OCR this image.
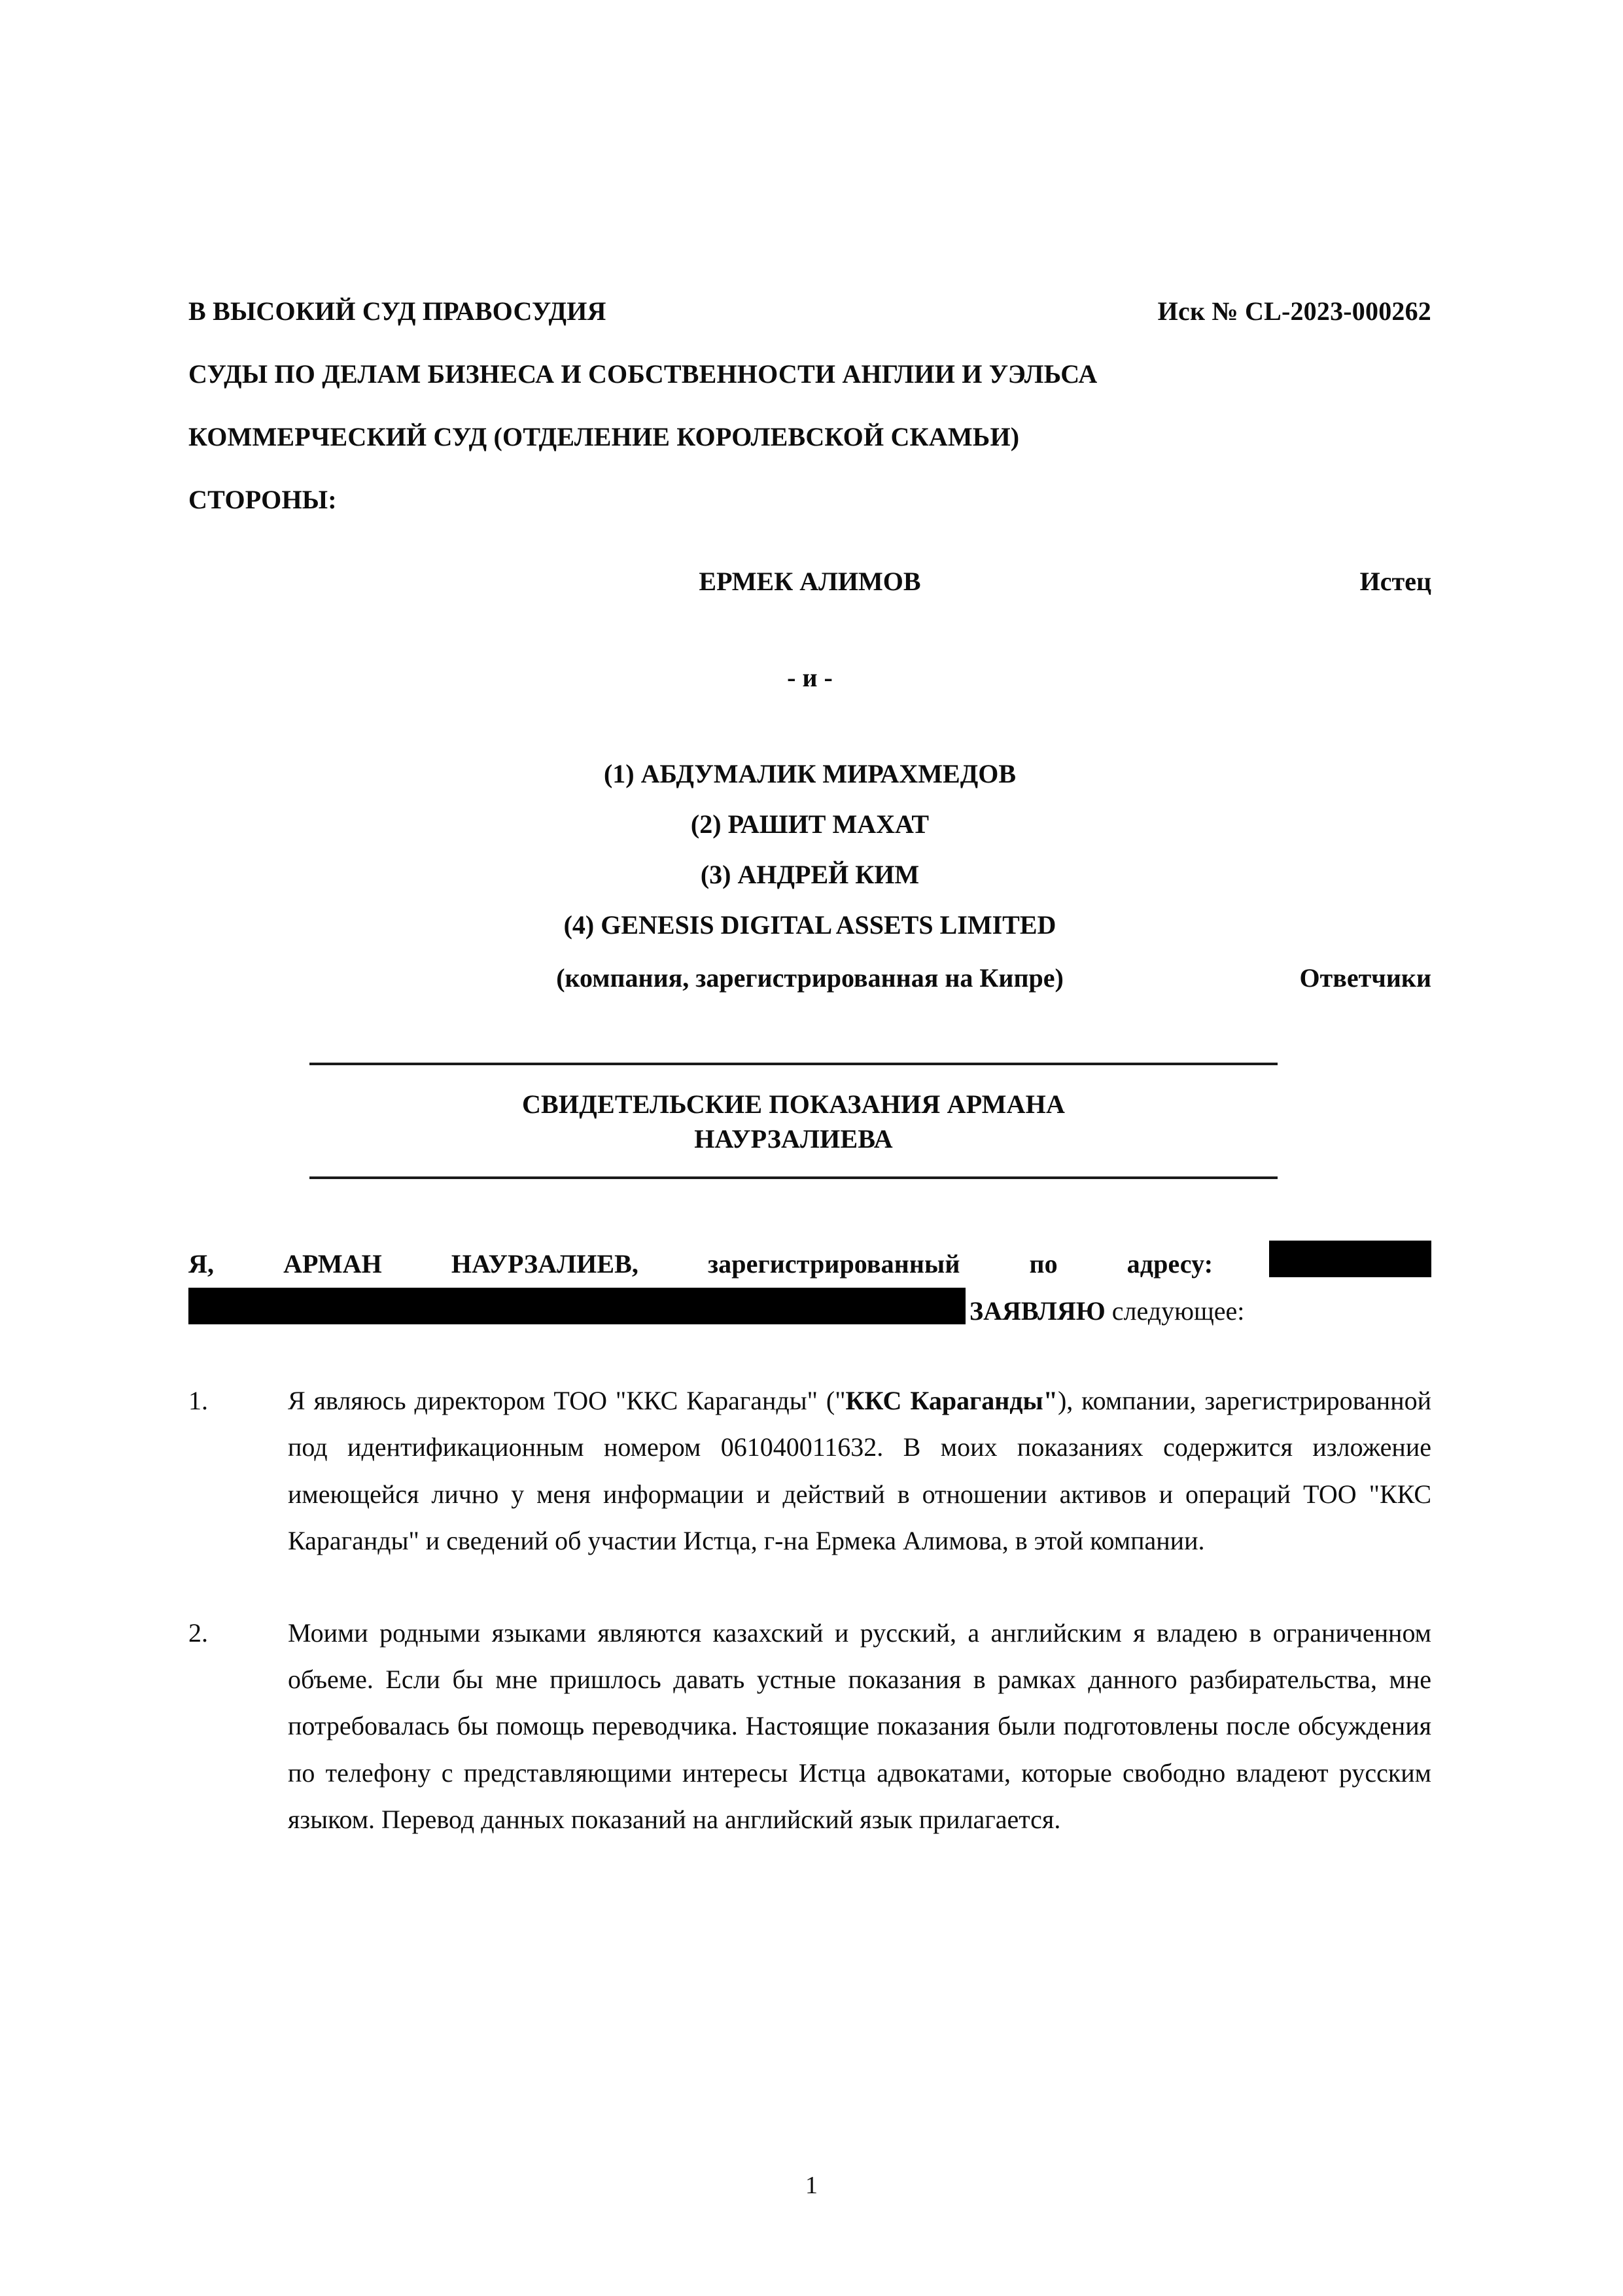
В ВЫСОКИЙ СУД ПРАВОСУДИЯ	Иск № CL-2023-000262
СУДЫ ПО ДЕЛАМ БИЗНЕСА И СОБСТВЕННОСТИ АНГЛИИ И УЭЛЬСА
КОММЕРЧЕСКИЙ СУД (ОТДЕЛЕНИЕ КОРОЛЕВСКОЙ СКАМЬИ)
СТОРОНЫ:
ЕРМЕК АЛИМОВ	Истец
- и -
(1) АБДУМАЛИК МИРАХМЕДОВ
(2) РАШИТ МАХАТ
(3) АНДРЕЙ КИМ
(4) GENESIS DIGITAL ASSETS LIMITED
(компания, зарегистрированная на Кипре)	Ответчики
СВИДЕТЕЛЬСКИЕ ПОКАЗАНИЯ АРМАНА
НАУРЗАЛИЕВА
Я,  АРМАН  НАУРЗАЛИЕВ,  зарегистрированный  по  адресу:
ЗАЯВЛЯЮ следующее:
1.	Я являюсь директором ТОО "ККС Караганды" ("ККС Караганды"), компании, зарегистрированной под идентификационным номером 061040011632. В моих показаниях содержится изложение имеющейся лично у меня информации и действий в отношении активов и операций ТОО "ККС Караганды" и сведений об участии Истца, г-на Ермека Алимова, в этой компании.
2.	Моими родными языками являются казахский и русский, а английским я владею в ограниченном объеме. Если бы мне пришлось давать устные показания в рамках данного разбирательства, мне потребовалась бы помощь переводчика. Настоящие показания были подготовлены после обсуждения по телефону с представляющими интересы Истца адвокатами, которые свободно владеют русским языком. Перевод данных показаний на английский язык прилагается.
1
